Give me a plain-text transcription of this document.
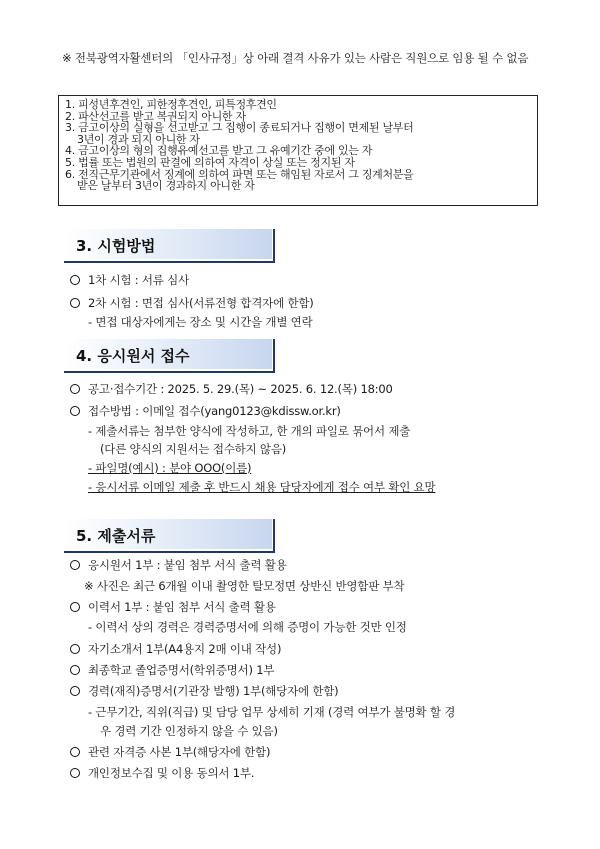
※ 전북광역자활센터의 「인사규정」상 아래 결격 사유가 있는 사람은 직원으로 임용 될 수 없음
1. 피성년후견인, 피한정후견인, 피특정후견인
2. 파산선고를 받고 복권되지 아니한 자
3. 금고이상의 실형을 선고받고 그 집행이 종료되거나 집행이 면제된 날부터
3년이 경과 되지 아니한 자
4. 금고이상의 형의 집행유예선고를 받고 그 유예기간 중에 있는 자
5. 법률 또는 법원의 판결에 의하여 자격이 상실 또는 정지된 자
6. 전직근무기관에서 징계에 의하여 파면 또는 해임된 자로서 그 징계처분을
받은 날부터 3년이 경과하지 아니한 자
3. 시험방법
1차 시험 : 서류 심사
2차 시험 : 면접 심사(서류전형 합격자에 한함)
- 면접 대상자에게는 장소 및 시간을 개별 연락
4. 응시원서 접수
공고·접수기간 : 2025. 5. 29.(목) ~ 2025. 6. 12.(목) 18:00
접수방법 : 이메일 접수(yang0123@kdissw.or.kr)
- 제출서류는 첨부한 양식에 작성하고, 한 개의 파일로 묶어서 제출
(다른 양식의 지원서는 접수하지 않음)
- 파일명(예시) : 분야 OOO(이름)
- 응시서류 이메일 제출 후 반드시 채용 담당자에게 접수 여부 확인 요망
5. 제출서류
응시원서 1부 : 붙임 첨부 서식 출력 활용
※ 사진은 최근 6개월 이내 촬영한 탈모정면 상반신 반영함판 부착
이력서 1부 : 붙임 첨부 서식 출력 활용
- 이력서 상의 경력은 경력증명서에 의해 증명이 가능한 것만 인정
자기소개서 1부(A4용지 2매 이내 작성)
최종학교 졸업증명서(학위증명서) 1부
경력(재직)증명서(기관장 발행) 1부(해당자에 한함)
- 근무기간, 직위(직급) 및 담당 업무 상세히 기재 (경력 여부가 불명확 할 경
우 경력 기간 인정하지 않을 수 있음)
관련 자격증 사본 1부(해당자에 한함)
개인정보수집 및 이용 동의서 1부.
